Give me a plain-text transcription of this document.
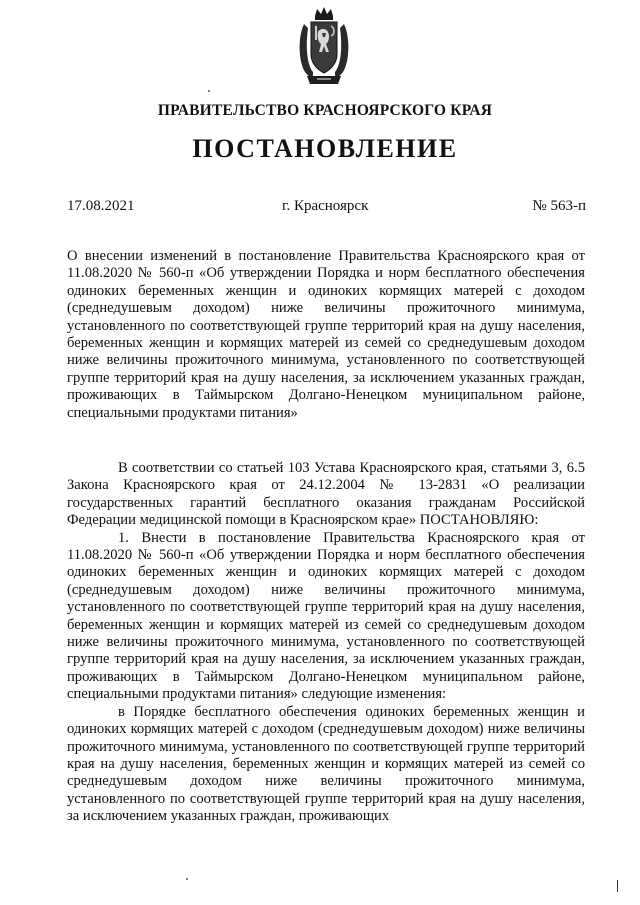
ПРАВИТЕЛЬСТВО КРАСНОЯРСКОГО КРАЯ
ПОСТАНОВЛЕНИЕ
17.08.2021	г. Красноярск	№ 563-п

О внесении изменений в постановление Правительства Красноярского края от 11.08.2020 № 560-п «Об утверждении Порядка и норм бесплатного обеспечения одиноких беременных женщин и одиноких кормящих матерей с доходом (среднедушевым доходом) ниже величины прожиточного минимума, установленного по соответствующей группе территорий края на душу населения, беременных женщин и кормящих матерей из семей со среднедушевым доходом ниже величины прожиточного минимума, установленного по соответствующей группе территорий края на душу населения, за исключением указанных граждан, проживающих в Таймырском Долгано-Ненецком муниципальном районе, специальными продуктами питания»

В соответствии со статьей 103 Устава Красноярского края, статьями 3, 6.5 Закона Красноярского края от 24.12.2004 № 13-2831 «О реализации государственных гарантий бесплатного оказания гражданам Российской Федерации медицинской помощи в Красноярском крае» ПОСТАНОВЛЯЮ:

1. Внести в постановление Правительства Красноярского края от 11.08.2020 № 560-п «Об утверждении Порядка и норм бесплатного обеспечения одиноких беременных женщин и одиноких кормящих матерей с доходом (среднедушевым доходом) ниже величины прожиточного минимума, установленного по соответствующей группе территорий края на душу населения, беременных женщин и кормящих матерей из семей со среднедушевым доходом ниже величины прожиточного минимума, установленного по соответствующей группе территорий края на душу населения, за исключением указанных граждан, проживающих в Таймырском Долгано-Ненецком муниципальном районе, специальными продуктами питания» следующие изменения:

в Порядке бесплатного обеспечения одиноких беременных женщин и одиноких кормящих матерей с доходом (среднедушевым доходом) ниже величины прожиточного минимума, установленного по соответствующей группе территорий края на душу населения, беременных женщин и кормящих матерей из семей со среднедушевым доходом ниже величины прожиточного минимума, установленного по соответствующей группе территорий края на душу населения, за исключением указанных граждан, проживающих
